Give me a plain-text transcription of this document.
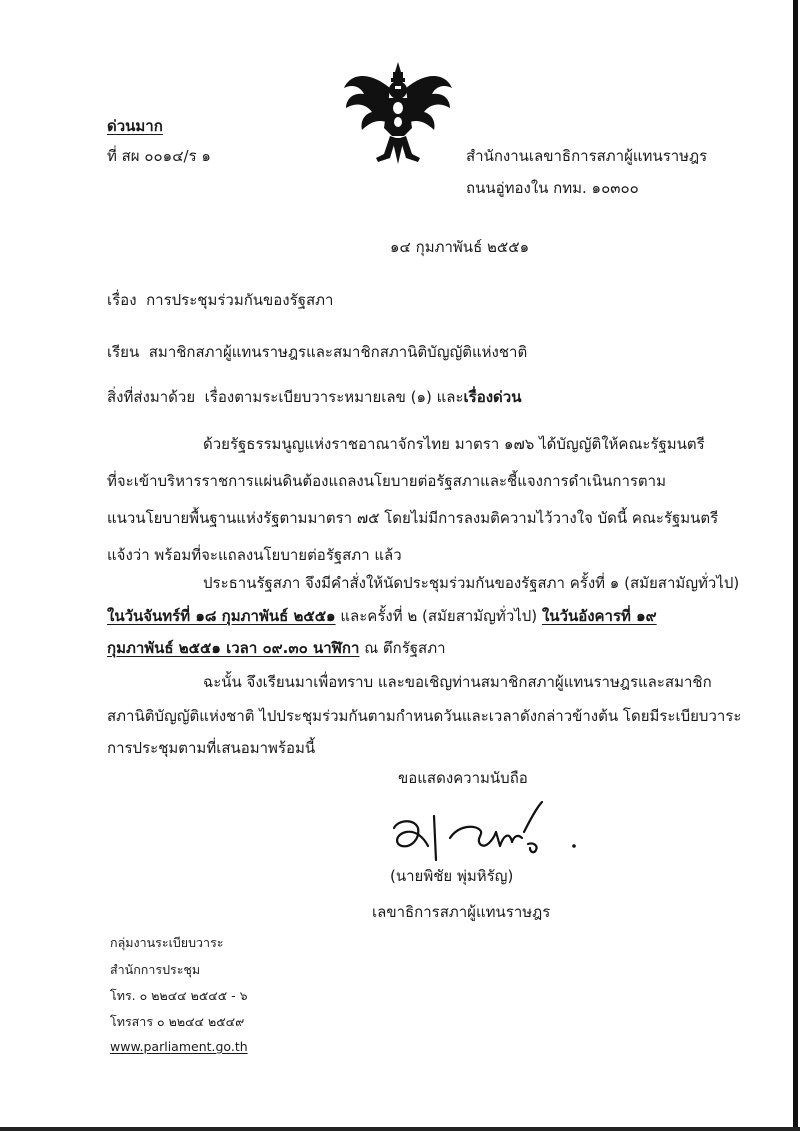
ด่วนมาก
ที่ สผ ๐๐๑๔/ร ๑	สำนักงานเลขาธิการสภาผู้แทนราษฎร
ถนนอู่ทองใน กทม. ๑๐๓๐๐
๑๔ กุมภาพันธ์ ๒๕๕๑
เรื่อง การประชุมร่วมกันของรัฐสภา
เรียน สมาชิกสภาผู้แทนราษฎรและสมาชิกสภานิติบัญญัติแห่งชาติ
สิ่งที่ส่งมาด้วย เรื่องตามระเบียบวาระหมายเลข (๑) และเรื่องด่วน
ด้วยรัฐธรรมนูญแห่งราชอาณาจักรไทย มาตรา ๑๗๖ ได้บัญญัติให้คณะรัฐมนตรี
ที่จะเข้าบริหารราชการแผ่นดินต้องแถลงนโยบายต่อรัฐสภาและชี้แจงการดำเนินการตาม
แนวนโยบายพื้นฐานแห่งรัฐตามมาตรา ๗๕ โดยไม่มีการลงมติความไว้วางใจ บัดนี้ คณะรัฐมนตรี
แจ้งว่า พร้อมที่จะแถลงนโยบายต่อรัฐสภา แล้ว
ประธานรัฐสภา จึงมีคำสั่งให้นัดประชุมร่วมกันของรัฐสภา ครั้งที่ ๑ (สมัยสามัญทั่วไป)
ในวันจันทร์ที่ ๑๘ กุมภาพันธ์ ๒๕๕๑ และครั้งที่ ๒ (สมัยสามัญทั่วไป) ในวันอังคารที่ ๑๙
กุมภาพันธ์ ๒๕๕๑ เวลา ๐๙.๓๐ นาฬิกา ณ ตึกรัฐสภา
ฉะนั้น จึงเรียนมาเพื่อทราบ และขอเชิญท่านสมาชิกสภาผู้แทนราษฎรและสมาชิก
สภานิติบัญญัติแห่งชาติ ไปประชุมร่วมกันตามกำหนดวันและเวลาดังกล่าวข้างต้น โดยมีระเบียบวาระ
การประชุมตามที่เสนอมาพร้อมนี้
ขอแสดงความนับถือ
(นายพิชัย พุ่มหิรัญ)
เลขาธิการสภาผู้แทนราษฎร
กลุ่มงานระเบียบวาระ
สำนักการประชุม
โทร. ๐ ๒๒๔๔ ๒๕๔๕ - ๖
โทรสาร ๐ ๒๒๔๔ ๒๕๔๙
www.parliament.go.th
